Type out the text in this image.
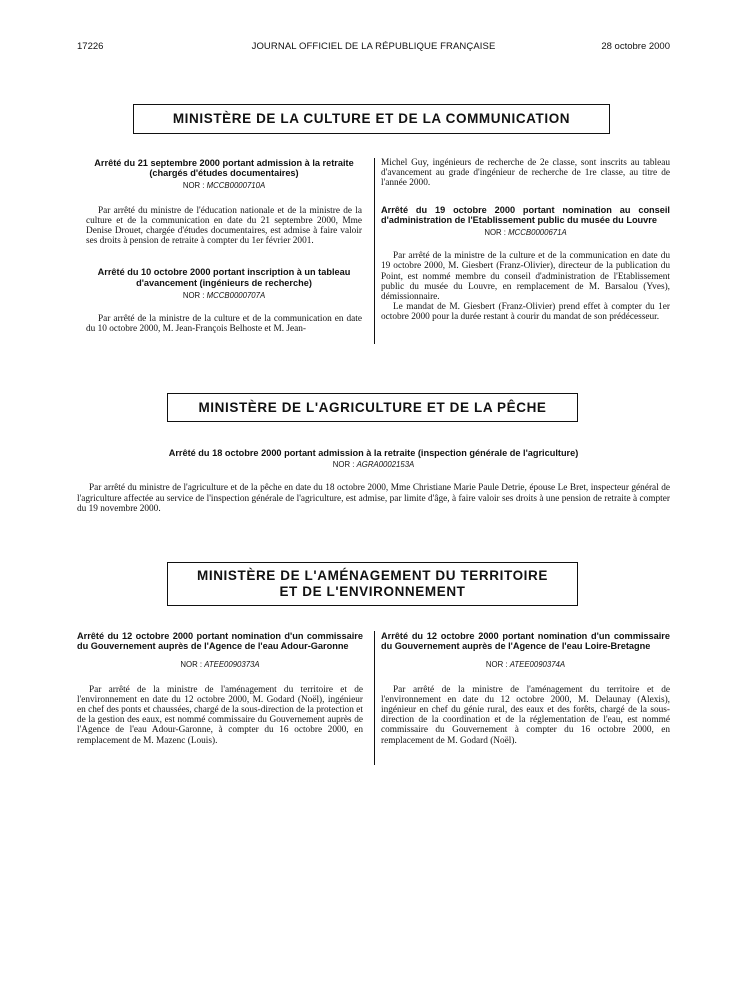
17226	JOURNAL OFFICIEL DE LA RÉPUBLIQUE FRANÇAISE	28 octobre 2000
MINISTÈRE DE LA CULTURE ET DE LA COMMUNICATION

Arrêté du 21 septembre 2000 portant admission à la retraite (chargés d'études documentaires)

NOR : MCCB0000710A

Par arrêté du ministre de l'éducation nationale et de la ministre de la culture et de la communication en date du 21 septembre 2000, Mme Denise Drouet, chargée d'études documentaires, est admise à faire valoir ses droits à pension de retraite à compter du 1er février 2001.

Arrêté du 10 octobre 2000 portant inscription à un tableau d'avancement (ingénieurs de recherche)

NOR : MCCB0000707A

Par arrêté de la ministre de la culture et de la communication en date du 10 octobre 2000, M. Jean-François Belhoste et M. Jean-

Michel Guy, ingénieurs de recherche de 2e classe, sont inscrits au tableau d'avancement au grade d'ingénieur de recherche de 1re classe, au titre de l'année 2000.

Arrêté du 19 octobre 2000 portant nomination au conseil d'administration de l'Etablissement public du musée du Louvre

NOR : MCCB0000671A

Par arrêté de la ministre de la culture et de la communication en date du 19 octobre 2000, M. Giesbert (Franz-Olivier), directeur de la publication du Point, est nommé membre du conseil d'administration de l'Etablissement public du musée du Louvre, en remplacement de M. Barsalou (Yves), démissionnaire.

Le mandat de M. Giesbert (Franz-Olivier) prend effet à compter du 1er octobre 2000 pour la durée restant à courir du mandat de son prédécesseur.

MINISTÈRE DE L'AGRICULTURE ET DE LA PÊCHE

Arrêté du 18 octobre 2000 portant admission à la retraite (inspection générale de l'agriculture)

NOR : AGRA0002153A

Par arrêté du ministre de l'agriculture et de la pêche en date du 18 octobre 2000, Mme Christiane Marie Paule Detrie, épouse Le Bret, inspecteur général de l'agriculture affectée au service de l'inspection générale de l'agriculture, est admise, par limite d'âge, à faire valoir ses droits à une pension de retraite à compter du 19 novembre 2000.

MINISTÈRE DE L'AMÉNAGEMENT DU TERRITOIRE
ET DE L'ENVIRONNEMENT

Arrêté du 12 octobre 2000 portant nomination d'un commissaire du Gouvernement auprès de l'Agence de l'eau Adour-Garonne

NOR : ATEE0090373A

Par arrêté de la ministre de l'aménagement du territoire et de l'environnement en date du 12 octobre 2000, M. Godard (Noël), ingénieur en chef des ponts et chaussées, chargé de la sous-direction de la protection et de la gestion des eaux, est nommé commissaire du Gouvernement auprès de l'Agence de l'eau Adour-Garonne, à compter du 16 octobre 2000, en remplacement de M. Mazenc (Louis).

Arrêté du 12 octobre 2000 portant nomination d'un commissaire du Gouvernement auprès de l'Agence de l'eau Loire-Bretagne

NOR : ATEE0090374A

Par arrêté de la ministre de l'aménagement du territoire et de l'environnement en date du 12 octobre 2000, M. Delaunay (Alexis), ingénieur en chef du génie rural, des eaux et des forêts, chargé de la sous-direction de la coordination et de la réglementation de l'eau, est nommé commissaire du Gouvernement à compter du 16 octobre 2000, en remplacement de M. Godard (Noël).
